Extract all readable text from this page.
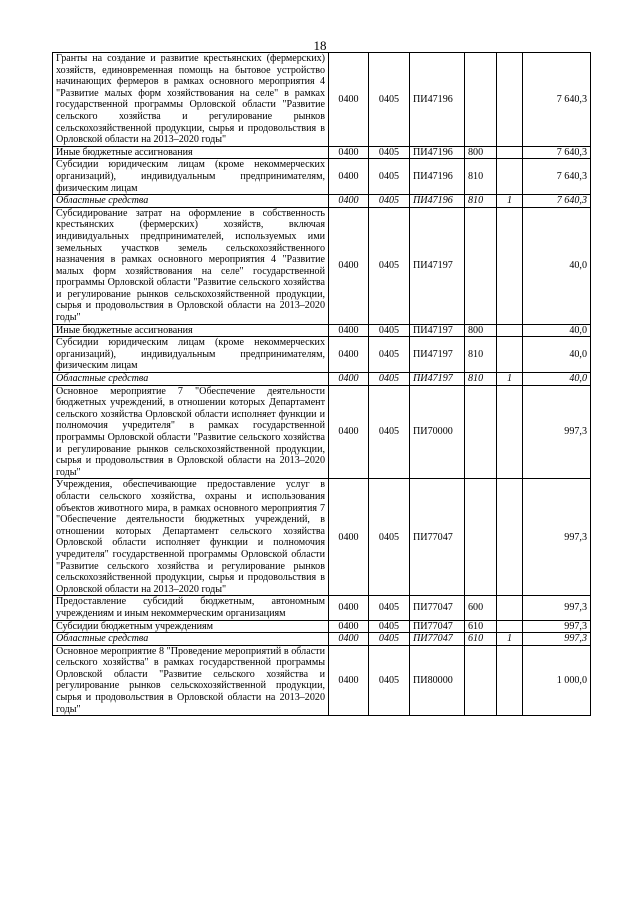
18
Гранты на создание и развитие крестьянских (фермерских) хозяйств, единовременная помощь на бытовое устройство начинающих фермеров в рамках основного мероприятия 4 "Развитие малых форм хозяйствования на селе" в рамках государственной программы Орловской области "Развитие сельского хозяйства и регулирование рынков сельскохозяйственной продукции, сырья и продовольствия в Орловской области на 2013–2020 годы"	0400	0405	ПИ47196			7 640,3
Иные бюджетные ассигнования	0400	0405	ПИ47196	800		7 640,3
Субсидии юридическим лицам (кроме некоммерческих организаций), индивидуальным предпринимателям, физическим лицам	0400	0405	ПИ47196	810		7 640,3
Областные средства	0400	0405	ПИ47196	810	1	7 640,3
Субсидирование затрат на оформление в собственность крестьянских (фермерских) хозяйств, включая индивидуальных предпринимателей, используемых ими земельных участков земель сельскохозяйственного назначения в рамках основного мероприятия 4 "Развитие малых форм хозяйствования на селе" государственной программы Орловской области "Развитие сельского хозяйства и регулирование рынков сельскохозяйственной продукции, сырья и продовольствия в Орловской области на 2013–2020 годы"	0400	0405	ПИ47197			40,0
Иные бюджетные ассигнования	0400	0405	ПИ47197	800		40,0
Субсидии юридическим лицам (кроме некоммерческих организаций), индивидуальным предпринимателям, физическим лицам	0400	0405	ПИ47197	810		40,0
Областные средства	0400	0405	ПИ47197	810	1	40,0
Основное мероприятие 7 "Обеспечение деятельности бюджетных учреждений, в отношении которых Департамент сельского хозяйства Орловской области исполняет функции и полномочия учредителя" в рамках государственной программы Орловской области "Развитие сельского хозяйства и регулирование рынков сельскохозяйственной продукции, сырья и продовольствия в Орловской области на 2013–2020 годы"	0400	0405	ПИ70000			997,3
Учреждения, обеспечивающие предоставление услуг в области сельского хозяйства, охраны и использования объектов животного мира, в рамках основного мероприятия 7 "Обеспечение деятельности бюджетных учреждений, в отношении которых Департамент сельского хозяйства Орловской области исполняет функции и полномочия учредителя" государственной программы Орловской области "Развитие сельского хозяйства и регулирование рынков сельскохозяйственной продукции, сырья и продовольствия в Орловской области на 2013–2020 годы"	0400	0405	ПИ77047			997,3
Предоставление субсидий бюджетным, автономным учреждениям и иным некоммерческим организациям	0400	0405	ПИ77047	600		997,3
Субсидии бюджетным учреждениям	0400	0405	ПИ77047	610		997,3
Областные средства	0400	0405	ПИ77047	610	1	997,3
Основное мероприятие 8 "Проведение мероприятий в области сельского хозяйства" в рамках государственной программы Орловской области "Развитие сельского хозяйства и регулирование рынков сельскохозяйственной продукции, сырья и продовольствия в Орловской области на 2013–2020 годы"	0400	0405	ПИ80000			1 000,0
